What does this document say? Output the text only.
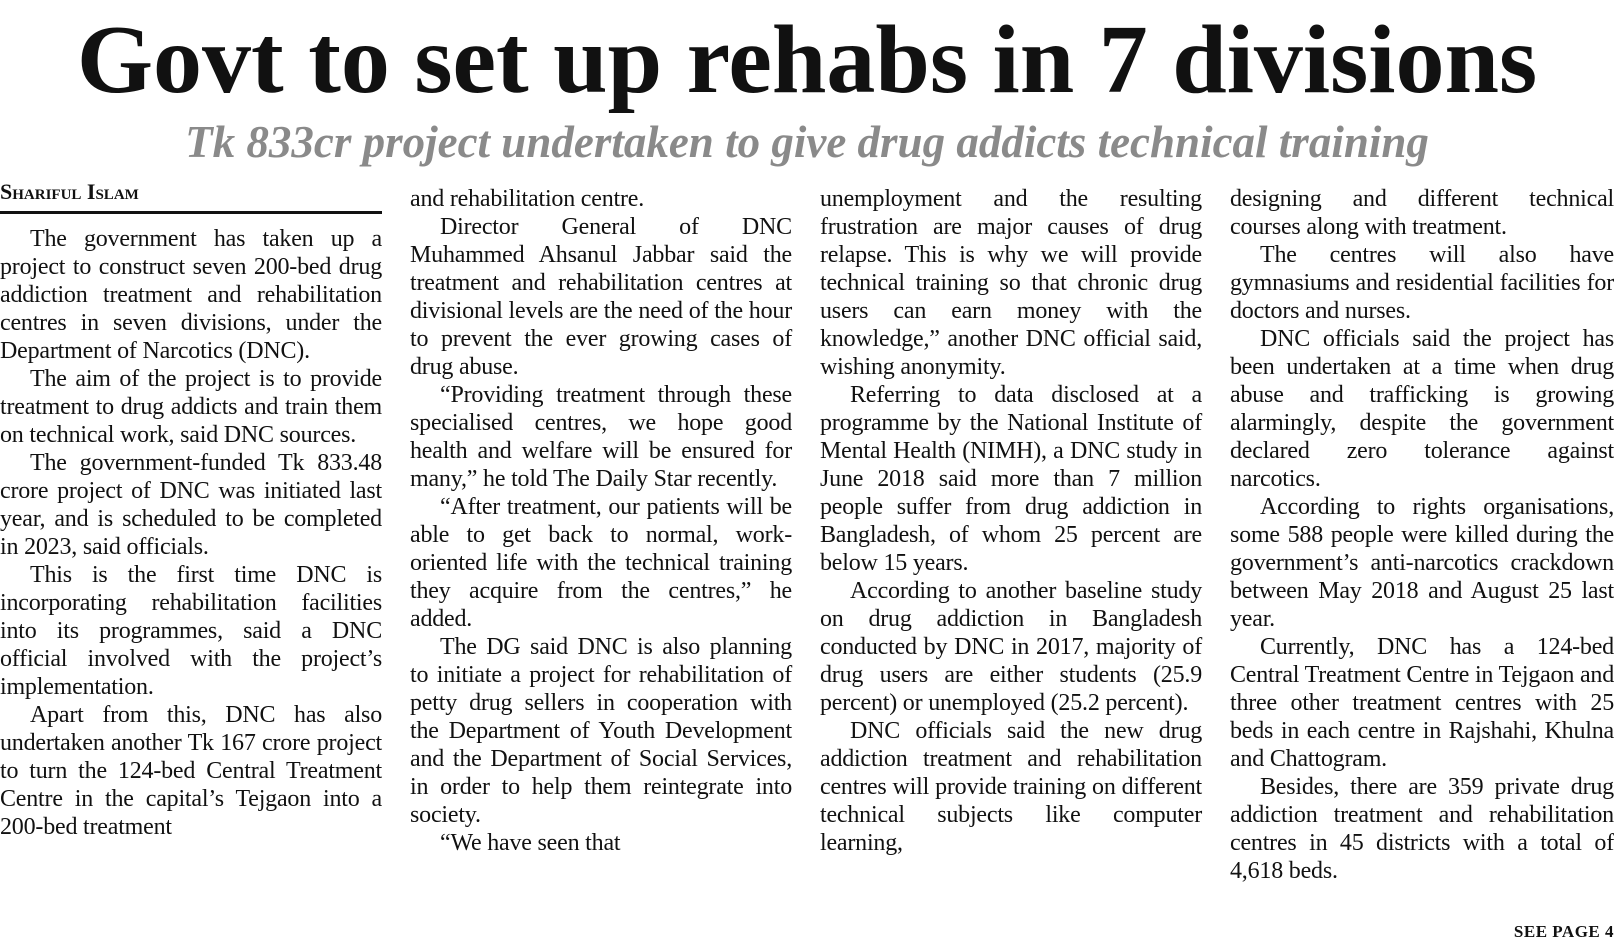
Govt to set up rehabs in 7 divisions
Tk 833cr project undertaken to give drug addicts technical training
Shariful Islam

The government has taken up a project to construct seven 200-bed drug addiction treatment and rehabilitation centres in seven divisions, under the Department of Narcotics (DNC).

The aim of the project is to provide treatment to drug addicts and train them on technical work, said DNC sources.

The government-funded Tk 833.48 crore project of DNC was initiated last year, and is scheduled to be completed in 2023, said officials.

This is the first time DNC is incorporating rehabilitation facilities into its programmes, said a DNC official involved with the project’s implementation.

Apart from this, DNC has also undertaken another Tk 167 crore project to turn the 124-bed Central Treatment Centre in the capital’s Tejgaon into a 200-bed treatment

and rehabilitation centre.

Director General of DNC Muhammed Ahsanul Jabbar said the treatment and rehabilitation centres at divisional levels are the need of the hour to prevent the ever growing cases of drug abuse.

“Providing treatment through these specialised centres, we hope good health and welfare will be ensured for many,” he told The Daily Star recently.

“After treatment, our patients will be able to get back to normal, work-oriented life with the technical training they acquire from the centres,” he added.

The DG said DNC is also planning to initiate a project for rehabilitation of petty drug sellers in cooperation with the Department of Youth Development and the Department of Social Services, in order to help them reintegrate into society.

“We have seen that

unemployment and the resulting frustration are major causes of drug relapse. This is why we will provide technical training so that chronic drug users can earn money with the knowledge,” another DNC official said, wishing anonymity.

Referring to data disclosed at a programme by the National Institute of Mental Health (NIMH), a DNC study in June 2018 said more than 7 million people suffer from drug addiction in Bangladesh, of whom 25 percent are below 15 years.

According to another baseline study on drug addiction in Bangladesh conducted by DNC in 2017, majority of drug users are either students (25.9 percent) or unemployed (25.2 percent).

DNC officials said the new drug addiction treatment and rehabilitation centres will provide training on different technical subjects like computer learning,

designing and different technical courses along with treatment.

The centres will also have gymnasiums and residential facilities for doctors and nurses.

DNC officials said the project has been undertaken at a time when drug abuse and trafficking is growing alarmingly, despite the government declared zero tolerance against narcotics.

According to rights organisations, some 588 people were killed during the government’s anti-narcotics crackdown between May 2018 and August 25 last year.

Currently, DNC has a 124-bed Central Treatment Centre in Tejgaon and three other treatment centres with 25 beds in each centre in Rajshahi, Khulna and Chattogram.

Besides, there are 359 private drug addiction treatment and rehabilitation centres in 45 districts with a total of 4,618 beds.

SEE PAGE 4
